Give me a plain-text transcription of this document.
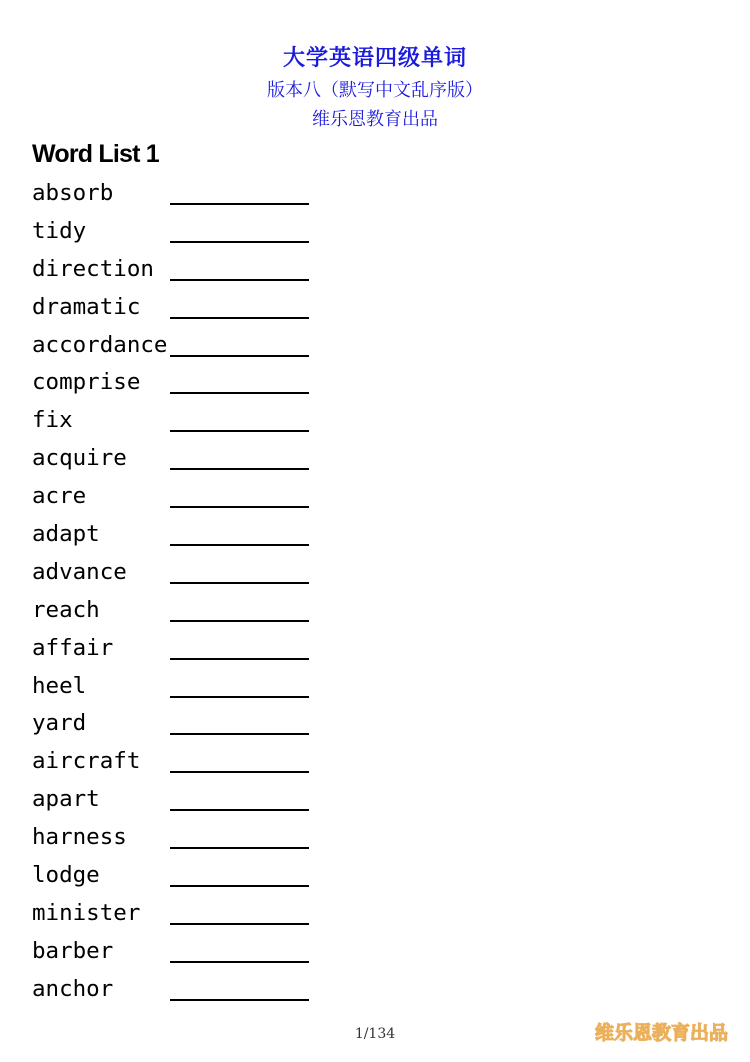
大学英语四级单词
版本八（默写中文乱序版）
维乐恩教育出品
Word List 1
absorb
tidy
direction
dramatic
accordance
comprise
fix
acquire
acre
adapt
advance
reach
affair
heel
yard
aircraft
apart
harness
lodge
minister
barber
anchor
1/134	维乐恩教育出品
